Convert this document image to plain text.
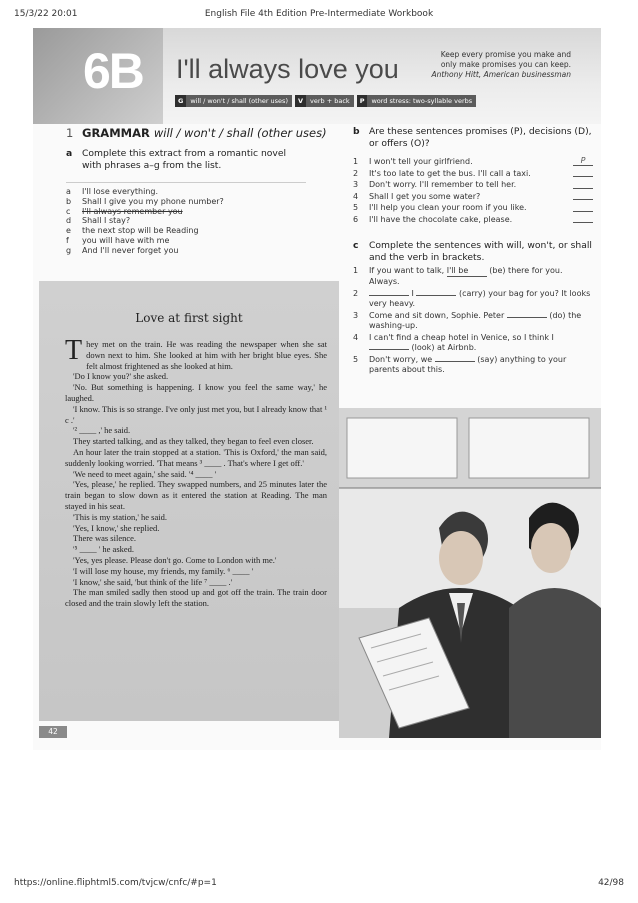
15/3/22 20:01	English File 4th Edition Pre-Intermediate Workbook
6B I'll always love you	Keep every promise you make and
only make promises you can keep.
Anthony Hitt, American businessman
G	will / won't / shall (other uses)	V	verb + back	P	word stress: two-syllable verbs
1 GRAMMAR will / won't / shall (other uses)
a Complete this extract from a romantic novel with phrases a–g from the list.
a I'll lose everything.
b Shall I give you my phone number?
c I'll always remember you
d Shall I stay?
e the next stop will be Reading
f you will have with me
g And I'll never forget you
b Are these sentences promises (P), decisions (D), or offers (O)?
1 I won't tell your girlfriend.	P
2 It's too late to get the bus. I'll call a taxi.
3 Don't worry. I'll remember to tell her.
4 Shall I get you some water?
5 I'll help you clean your room if you like.
6 I'll have the chocolate cake, please.
c Complete the sentences with will, won't, or shall and the verb in brackets.
1 If you want to talk, I'll be	(be) there for you. Always.
2	I	(carry) your bag for you? It looks very heavy.
3 Come and sit down, Sophie. Peter	(do) the washing-up.
4 I can't find a cheap hotel in Venice, so I think I  (look) at Airbnb.
5 Don't worry, we	(say) anything to your parents about this.
Love at first sight

They met on the train. He was reading the newspaper when she sat down next to him. She looked at him with her bright blue eyes. She felt almost frightened as she looked at him.

'Do I know you?' she asked.

'No. But something is happening. I know you feel the same way,' he laughed.

'I know. This is so strange. I've only just met you, but I already know that ¹ c .'

'² ____ ,' he said.

They started talking, and as they talked, they began to feel even closer.

An hour later the train stopped at a station. 'This is Oxford,' the man said, suddenly looking worried. 'That means ³ ____ . That's where I get off.'

'We need to meet again,' she said. '⁴ ____ '

'Yes, please,' he replied. They swapped numbers, and 25 minutes later the train began to slow down as it entered the station at Reading. The man stayed in his seat.

'This is my station,' he said.

'Yes, I know,' she replied.

There was silence.

'⁵ ____ ' he asked.

'Yes, yes please. Please don't go. Come to London with me.'

'I will lose my house, my friends, my family. ⁶ ____ '

'I know,' she said, 'but think of the life ⁷ ____ .'

The man smiled sadly then stood up and got off the train. The train door closed and the train slowly left the station.

42
https://online.fliphtml5.com/tvjcw/cnfc/#p=1	42/98
